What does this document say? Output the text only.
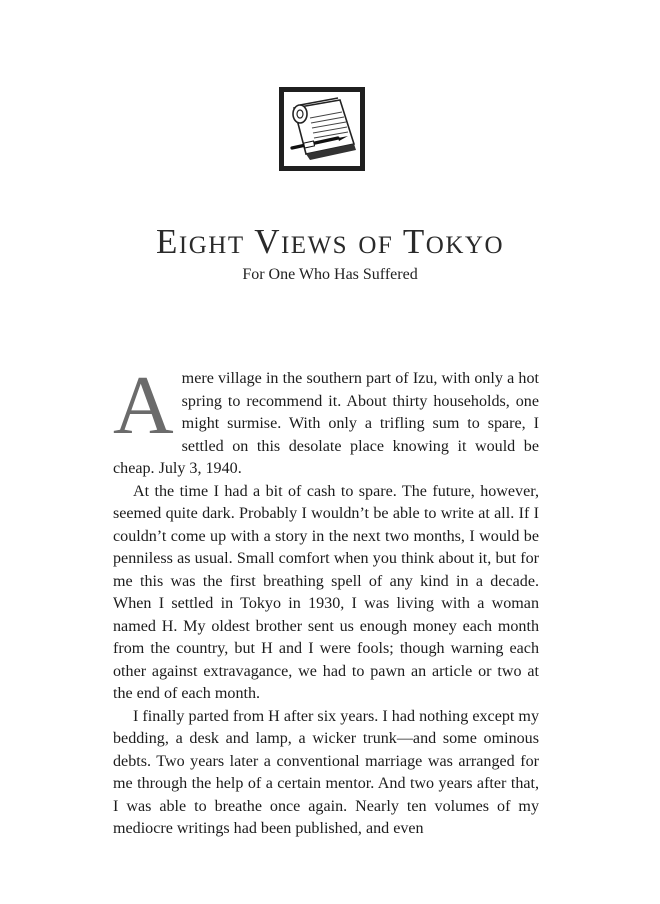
Eight Views of Tokyo

For One Who Has Suffered

A mere village in the southern part of Izu, with only a hot spring to recommend it. About thirty households, one might surmise. With only a trifling sum to spare, I settled on this desolate place knowing it would be cheap. July 3, 1940.

At the time I had a bit of cash to spare. The future, however, seemed quite dark. Probably I wouldn’t be able to write at all. If I couldn’t come up with a story in the next two months, I would be penniless as usual. Small comfort when you think about it, but for me this was the first breathing spell of any kind in a decade. When I settled in Tokyo in 1930, I was living with a woman named H. My oldest brother sent us enough money each month from the country, but H and I were fools; though warning each other against extravagance, we had to pawn an article or two at the end of each month.

I finally parted from H after six years. I had nothing except my bedding, a desk and lamp, a wicker trunk—and some ominous debts. Two years later a conventional marriage was arranged for me through the help of a certain mentor. And two years after that, I was able to breathe once again. Nearly ten volumes of my mediocre writings had been published, and even
